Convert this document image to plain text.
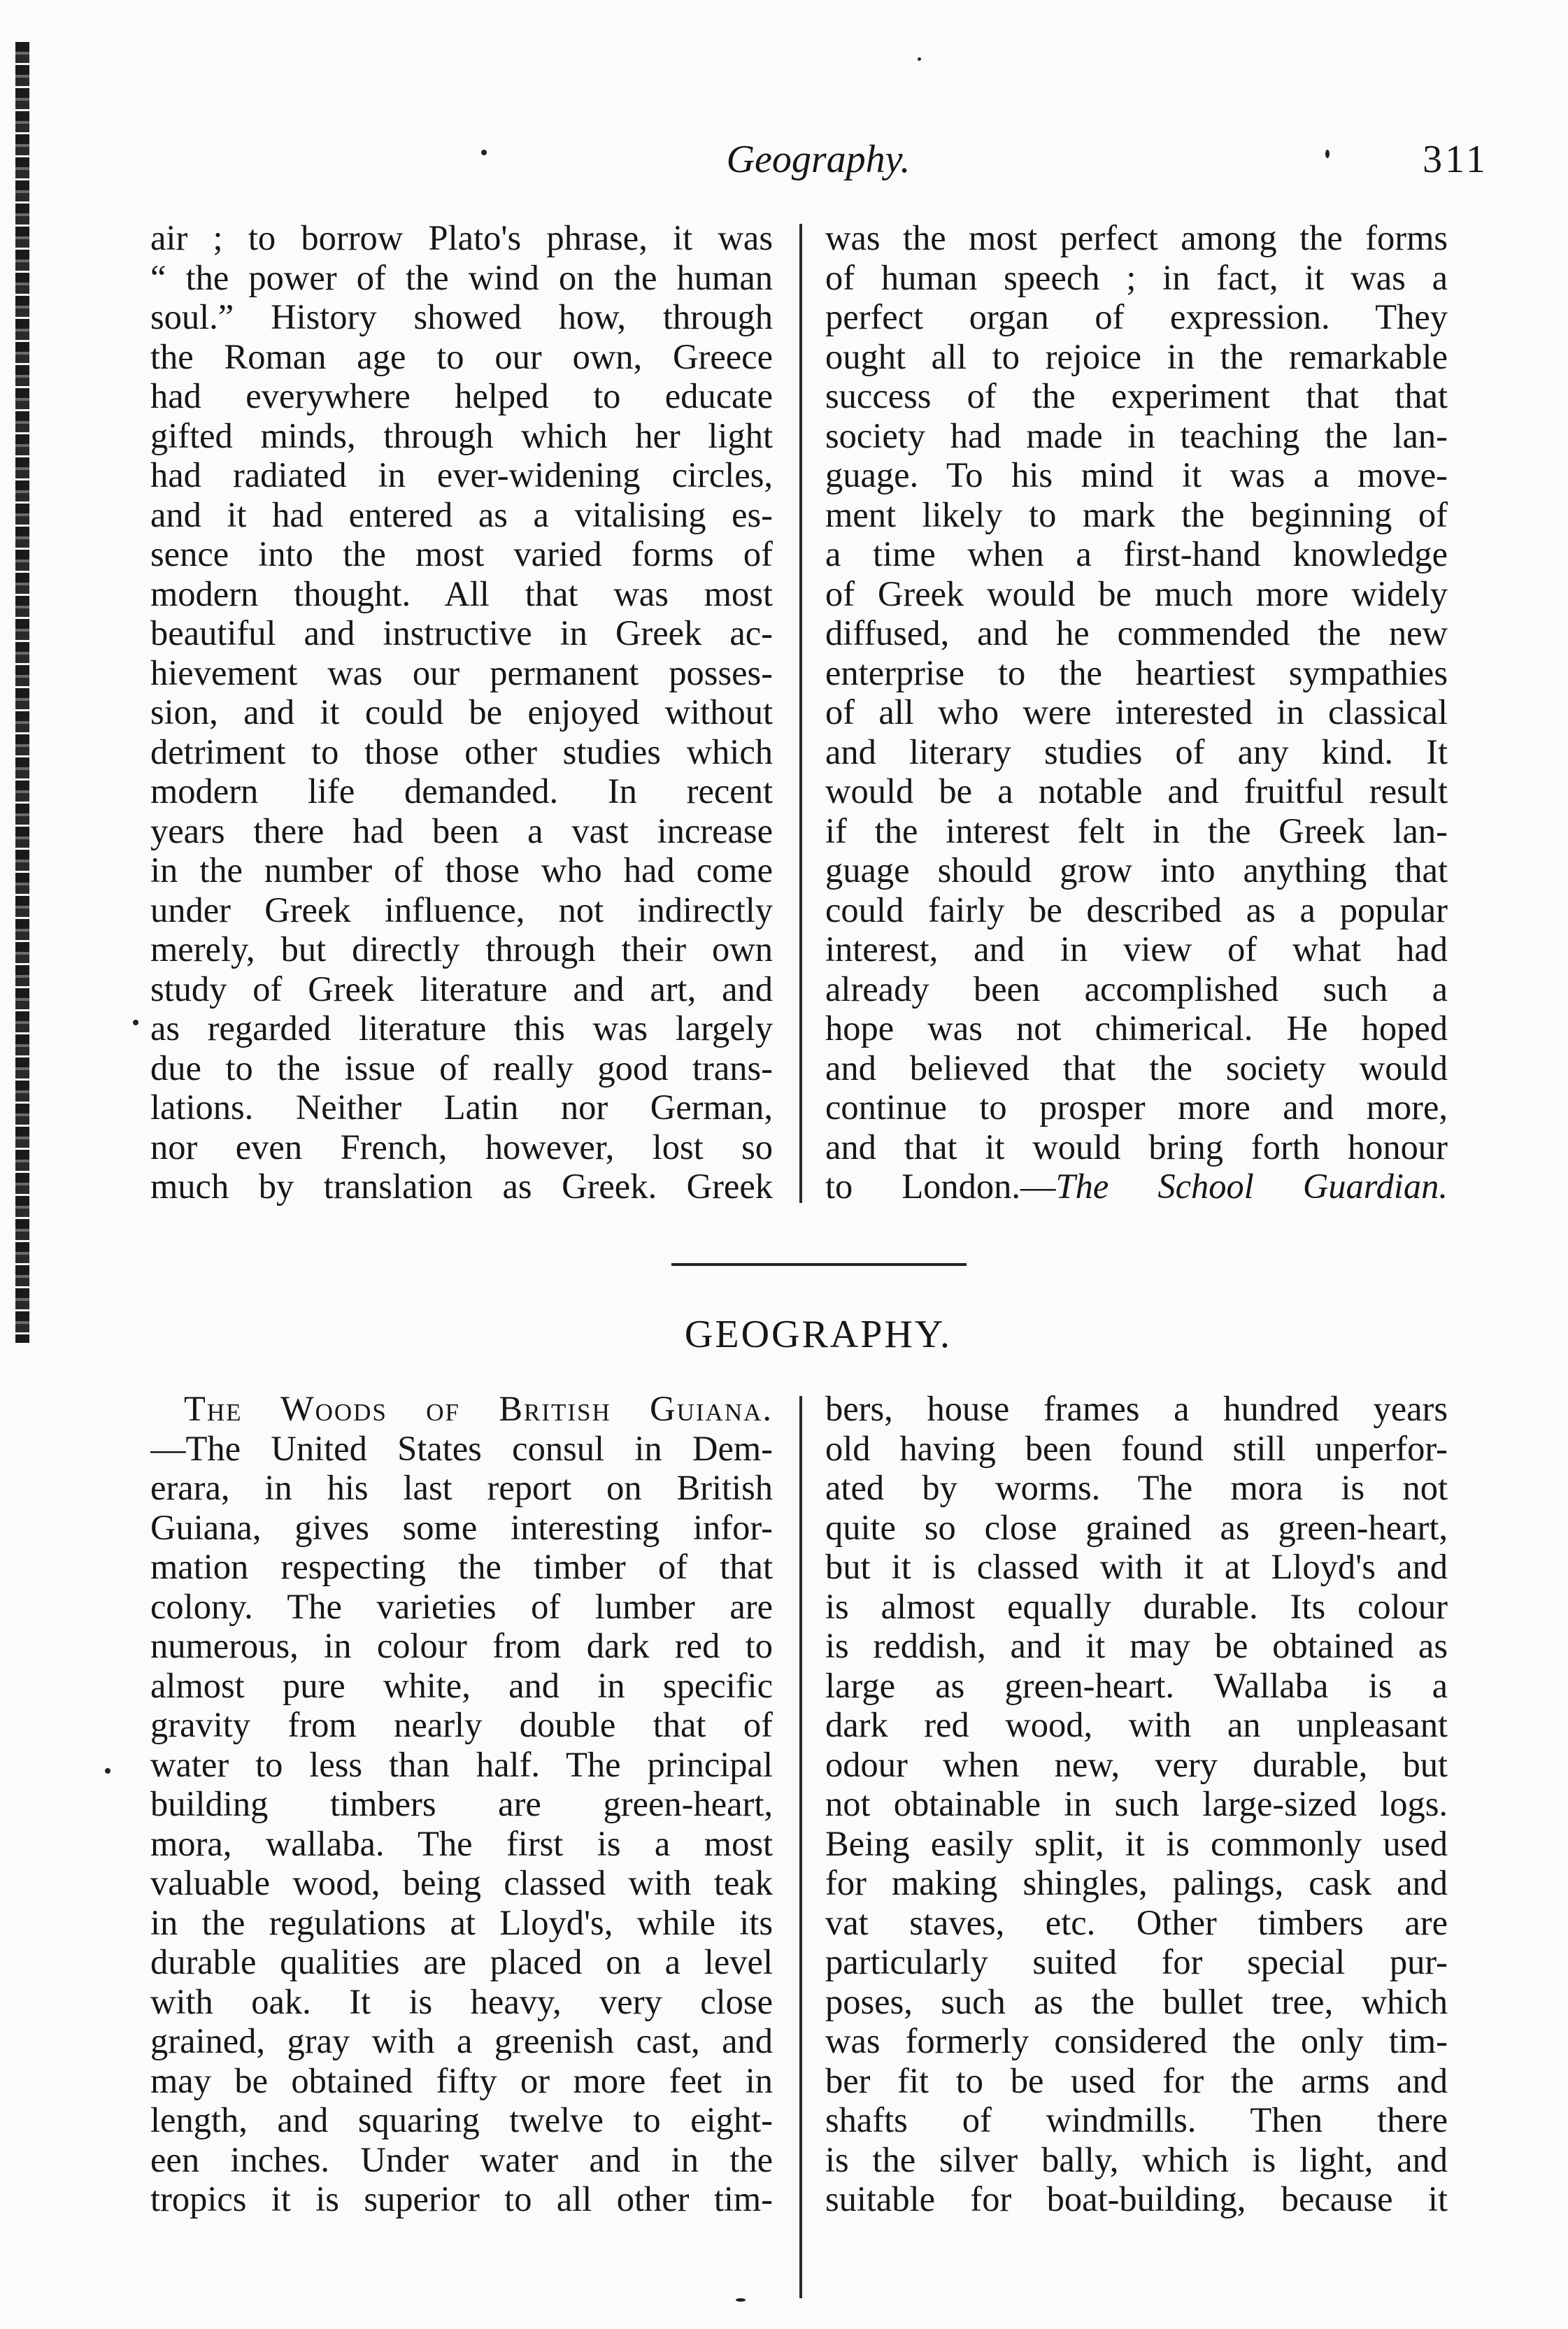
Geography.	311
air ; to borrow Plato's phrase, it was
“ the power of the wind on the human
soul.” History showed how, through
the Roman age to our own, Greece
had everywhere helped to educate
gifted minds, through which her light
had radiated in ever-widening circles,
and it had entered as a vitalising es-
sence into the most varied forms of
modern thought. All that was most
beautiful and instructive in Greek ac-
hievement was our permanent posses-
sion, and it could be enjoyed without
detriment to those other studies which
modern life demanded. In recent
years there had been a vast increase
in the number of those who had come
under Greek influence, not indirectly
merely, but directly through their own
study of Greek literature and art, and
as regarded literature this was largely
due to the issue of really good trans-
lations. Neither Latin nor German,
nor even French, however, lost so
much by translation as Greek. Greek
was the most perfect among the forms
of human speech ; in fact, it was a
perfect organ of expression. They
ought all to rejoice in the remarkable
success of the experiment that that
society had made in teaching the lan-
guage. To his mind it was a move-
ment likely to mark the beginning of
a time when a first-hand knowledge
of Greek would be much more widely
diffused, and he commended the new
enterprise to the heartiest sympathies
of all who were interested in classical
and literary studies of any kind. It
would be a notable and fruitful result
if the interest felt in the Greek lan-
guage should grow into anything that
could fairly be described as a popular
interest, and in view of what had
already been accomplished such a
hope was not chimerical. He hoped
and believed that the society would
continue to prosper more and more,
and that it would bring forth honour
to London.—The School Guardian.
GEOGRAPHY.
The Woods of British Guiana.
—The United States consul in Dem-
erara, in his last report on British
Guiana, gives some interesting infor-
mation respecting the timber of that
colony. The varieties of lumber are
numerous, in colour from dark red to
almost pure white, and in specific
gravity from nearly double that of
water to less than half. The principal
building timbers are green-heart,
mora, wallaba. The first is a most
valuable wood, being classed with teak
in the regulations at Lloyd's, while its
durable qualities are placed on a level
with oak. It is heavy, very close
grained, gray with a greenish cast, and
may be obtained fifty or more feet in
length, and squaring twelve to eight-
een inches. Under water and in the
tropics it is superior to all other tim-
bers, house frames a hundred years
old having been found still unperfor-
ated by worms. The mora is not
quite so close grained as green-heart,
but it is classed with it at Lloyd's and
is almost equally durable. Its colour
is reddish, and it may be obtained as
large as green-heart. Wallaba is a
dark red wood, with an unpleasant
odour when new, very durable, but
not obtainable in such large-sized logs.
Being easily split, it is commonly used
for making shingles, palings, cask and
vat staves, etc. Other timbers are
particularly suited for special pur-
poses, such as the bullet tree, which
was formerly considered the only tim-
ber fit to be used for the arms and
shafts of windmills. Then there
is the silver bally, which is light, and
suitable for boat-building, because it
